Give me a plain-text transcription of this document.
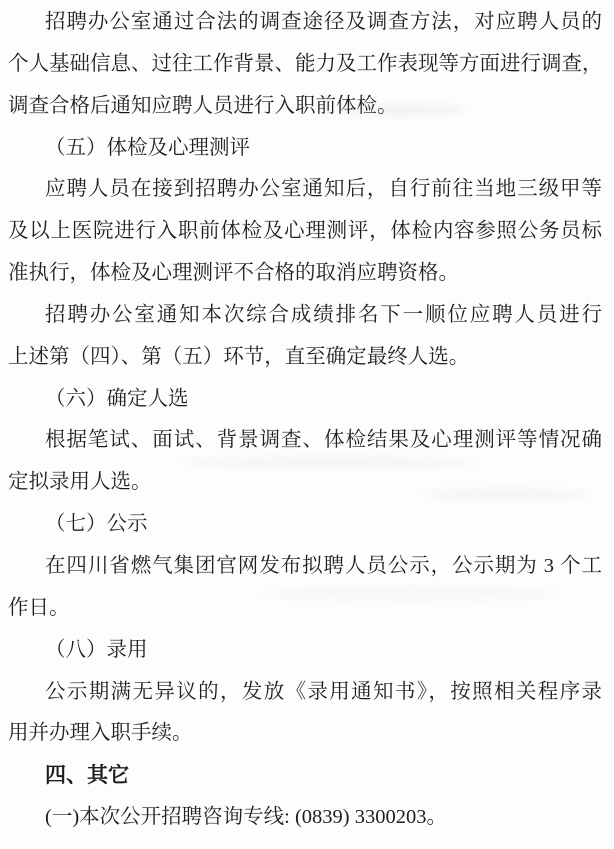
招聘办公室通过合法的调查途径及调查方法，对应聘人员的
个人基础信息、过往工作背景、能力及工作表现等方面进行调查，
调查合格后通知应聘人员进行入职前体检。
（五）体检及心理测评
应聘人员在接到招聘办公室通知后，自行前往当地三级甲等
及以上医院进行入职前体检及心理测评，体检内容参照公务员标
准执行，体检及心理测评不合格的取消应聘资格。
招聘办公室通知本次综合成绩排名下一顺位应聘人员进行
上述第（四）、第（五）环节，直至确定最终人选。
（六）确定人选
根据笔试、面试、背景调查、体检结果及心理测评等情况确
定拟录用人选。
（七）公示
在四川省燃气集团官网发布拟聘人员公示，公示期为 3 个工
作日。
（八）录用
公示期满无异议的，发放《录用通知书》，按照相关程序录
用并办理入职手续。
四、其它
(一)本次公开招聘咨询专线: (0839) 3300203。
